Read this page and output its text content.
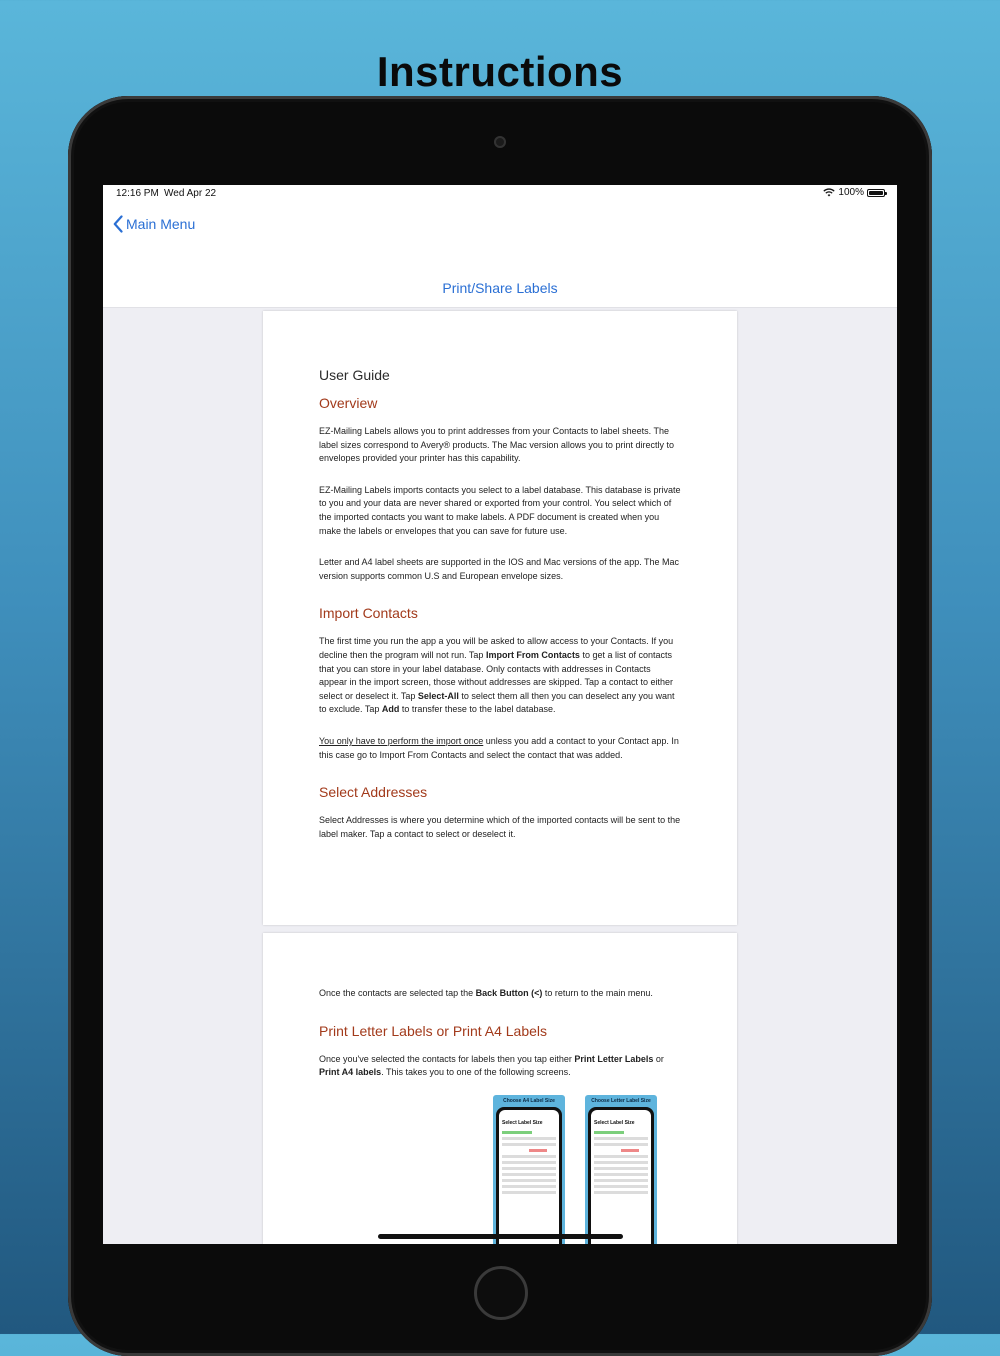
Instructions
12:16 PM Wed Apr 22	100%
Main Menu
Print/Share Labels

User Guide

Overview

EZ-Mailing Labels allows you to print addresses from your Contacts to label sheets. The label sizes correspond to Avery® products. The Mac version allows you to print directly to envelopes provided your printer has this capability.

EZ-Mailing Labels imports contacts you select to a label database. This database is private to you and your data are never shared or exported from your control. You select which of the imported contacts you want to make labels. A PDF document is created when you make the labels or envelopes that you can save for future use.

Letter and A4 label sheets are supported in the IOS and Mac versions of the app. The Mac version supports common U.S and European envelope sizes.

Import Contacts

The first time you run the app a you will be asked to allow access to your Contacts. If you decline then the program will not run. Tap Import From Contacts to get a list of contacts that you can store in your label database. Only contacts with addresses in Contacts appear in the import screen, those without addresses are skipped. Tap a contact to either select or deselect it. Tap Select-All to select them all then you can deselect any you want to exclude. Tap Add to transfer these to the label database.

You only have to perform the import once unless you add a contact to your Contact app. In this case go to Import From Contacts and select the contact that was added.

Select Addresses

Select Addresses is where you determine which of the imported contacts will be sent to the label maker. Tap a contact to select or deselect it.

Once the contacts are selected tap the Back Button (<) to return to the main menu.

Print Letter Labels or Print A4 Labels

Once you've selected the contacts for labels then you tap either Print Letter Labels or Print A4 labels. This takes you to one of the following screens.

Choose A4 Label Size
Select Label Size
Choose Letter Label Size
Select Label Size
